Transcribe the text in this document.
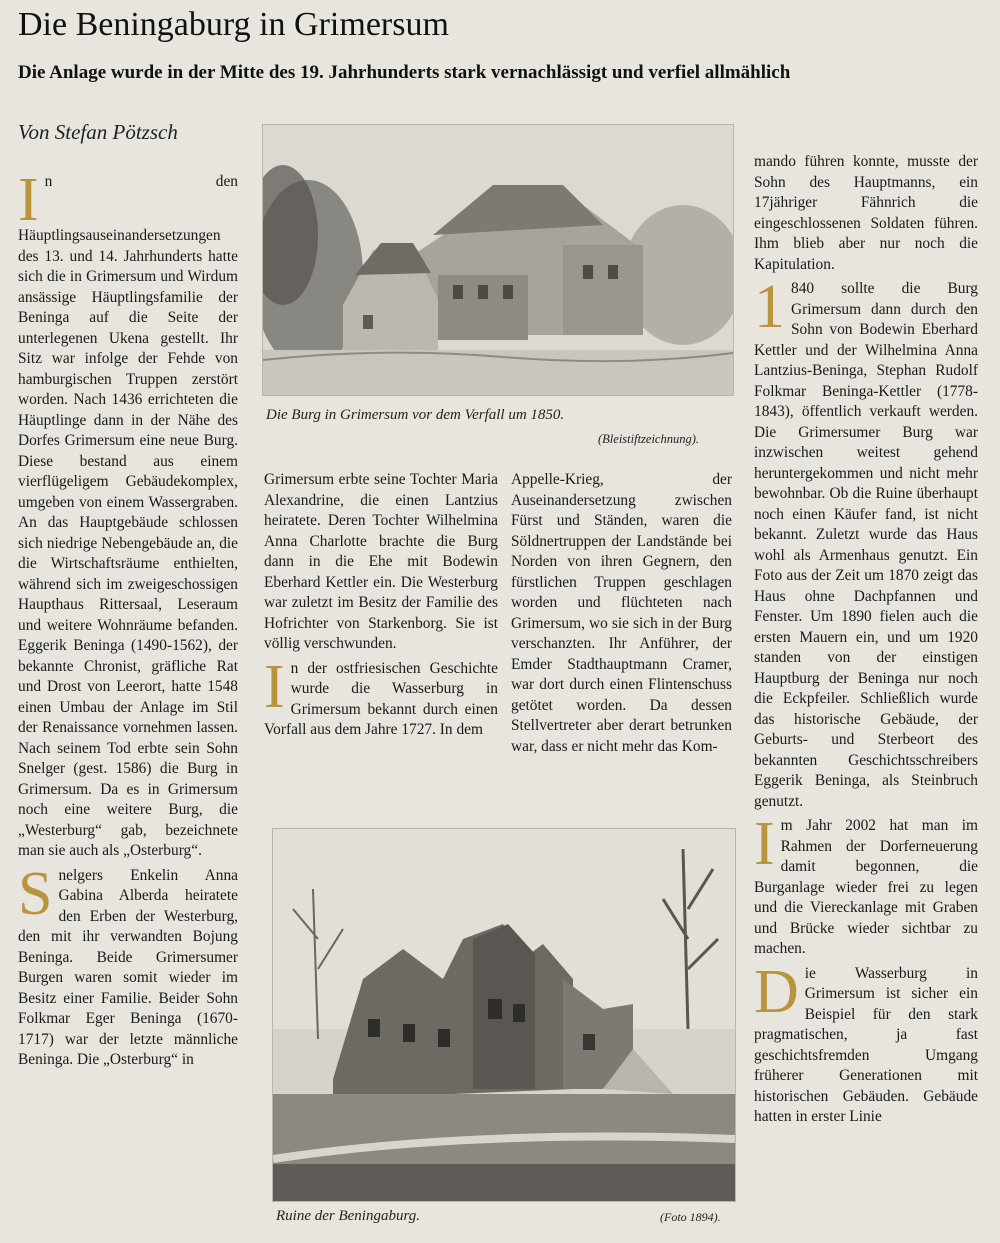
Die Beningaburg in Grimersum
Die Anlage wurde in der Mitte des 19. Jahrhunderts stark vernachlässigt und verfiel allmählich
Von Stefan Pötzsch

In den Häuptlingsauseinandersetzungen des 13. und 14. Jahrhunderts hatte sich die in Grimersum und Wirdum ansässige Häuptlingsfamilie der Beninga auf die Seite der unterlegenen Ukena gestellt. Ihr Sitz war infolge der Fehde von hamburgischen Truppen zerstört worden. Nach 1436 errichteten die Häuptlinge dann in der Nähe des Dorfes Grimersum eine neue Burg. Diese bestand aus einem vierflügeligem Gebäudekomplex, umgeben von einem Wassergraben. An das Hauptgebäude schlossen sich niedrige Nebengebäude an, die die Wirtschaftsräume enthielten, während sich im zweigeschossigen Haupthaus Rittersaal, Leseraum und weitere Wohnräume befanden. Eggerik Beninga (1490-1562), der bekannte Chronist, gräfliche Rat und Drost von Leerort, hatte 1548 einen Umbau der Anlage im Stil der Renaissance vornehmen lassen. Nach seinem Tod erbte sein Sohn Snelger (gest. 1586) die Burg in Grimersum. Da es in Grimersum noch eine weitere Burg, die „Westerburg“ gab, bezeichnete man sie auch als „Osterburg“.

Snelgers Enkelin Anna Gabina Alberda heiratete den Erben der Westerburg, den mit ihr verwandten Bojung Beninga. Beide Grimersumer Burgen waren somit wieder im Besitz einer Familie. Beider Sohn Folkmar Eger Beninga (1670-1717) war der letzte männliche Beninga. Die „Osterburg“ in

Die Burg in Grimersum vor dem Verfall um 1850.
(Bleistiftzeichnung).

Grimersum erbte seine Tochter Maria Alexandrine, die einen Lantzius heiratete. Deren Tochter Wilhelmina Anna Charlotte brachte die Burg dann in die Ehe mit Bodewin Eberhard Kettler ein. Die Westerburg war zuletzt im Besitz der Familie des Hofrichter von Starkenborg. Sie ist völlig verschwunden.

In der ostfriesischen Geschichte wurde die Wasserburg in Grimersum bekannt durch einen Vorfall aus dem Jahre 1727. In dem

Appelle-Krieg, der Auseinandersetzung zwischen Fürst und Ständen, waren die Söldnertruppen der Landstände bei Norden von ihren Gegnern, den fürstlichen Truppen geschlagen worden und flüchteten nach Grimersum, wo sie sich in der Burg verschanzten. Ihr Anführer, der Emder Stadthauptmann Cramer, war dort durch einen Flintenschuss getötet worden. Da dessen Stellvertreter aber derart betrunken war, dass er nicht mehr das Kom-

Ruine der Beningaburg.	(Foto 1894).

mando führen konnte, musste der Sohn des Hauptmanns, ein 17jähriger Fähnrich die eingeschlossenen Soldaten führen. Ihm blieb aber nur noch die Kapitulation.

1 840 sollte die Burg Grimersum dann durch den Sohn von Bodewin Eberhard Kettler und der Wilhelmina Anna Lantzius-Beninga, Stephan Rudolf Folkmar Beninga-Kettler (1778-1843), öffentlich verkauft werden. Die Grimersumer Burg war inzwischen weitest gehend heruntergekommen und nicht mehr bewohnbar. Ob die Ruine überhaupt noch einen Käufer fand, ist nicht bekannt. Zuletzt wurde das Haus wohl als Armenhaus genutzt. Ein Foto aus der Zeit um 1870 zeigt das Haus ohne Dachpfannen und Fenster. Um 1890 fielen auch die ersten Mauern ein, und um 1920 standen von der einstigen Hauptburg der Beninga nur noch die Eckpfeiler. Schließlich wurde das historische Gebäude, der Geburts- und Sterbeort des bekannten Geschichtsschreibers Eggerik Beninga, als Steinbruch genutzt.

Im Jahr 2002 hat man im Rahmen der Dorferneuerung damit begonnen, die Burganlage wieder frei zu legen und die Viereckanlage mit Graben und Brücke wieder sichtbar zu machen.

Die Wasserburg in Grimersum ist sicher ein Beispiel für den stark pragmatischen, ja fast geschichtsfremden Umgang früherer Generationen mit historischen Gebäuden. Gebäude hatten in erster Linie
